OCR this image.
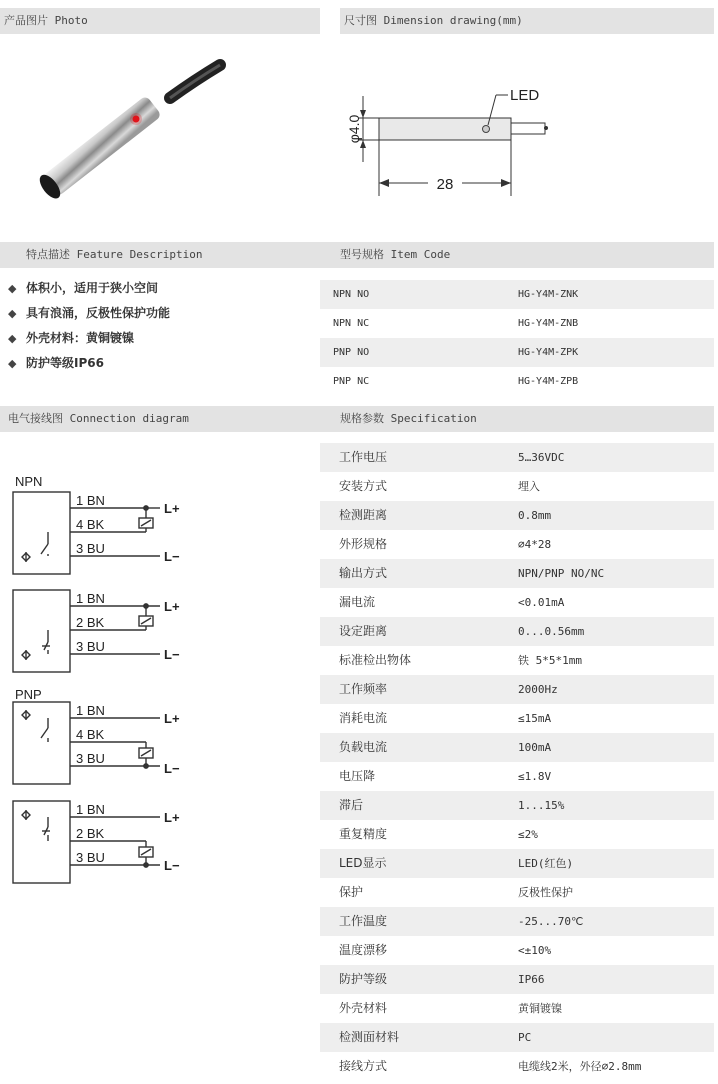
产品图片 Photo	尺寸图 Dimension drawing(mm)
LED
φ4.0
28
特点描述 Feature Description	型号规格 Item Code
◆ 体积小，适用于狭小空间
◆ 具有浪涌，反极性保护功能
◆ 外壳材料：黄铜镀镍
◆ 防护等级IP66
NPN NO	HG-Y4M-ZNK
NPN NC	HG-Y4M-ZNB
PNP NO	HG-Y4M-ZPK
PNP NC	HG-Y4M-ZPB
电气接线图 Connection diagram	规格参数 Specification
NPN
1 BN
4 BK
3 BU
L+
L−
1 BN
2 BK
3 BU
L+
L−
PNP
1 BN
4 BK
3 BU
L+
L−
1 BN
2 BK
3 BU
L+
L−
工作电压	5…36VDC
安装方式	埋入
检测距离	0.8mm
外形规格	∅4*28
输出方式	NPN/PNP NO/NC
漏电流	<0.01mA
设定距离	0...0.56mm
标准检出物体	铁 5*5*1mm
工作频率	2000Hz
消耗电流	≤15mA
负载电流	100mA
电压降	≤1.8V
滞后	1...15%
重复精度	≤2%
LED显示	LED(红色)
保护	反极性保护
工作温度	-25...70℃
温度漂移	<±10%
防护等级	IP66
外壳材料	黄铜镀镍
检测面材料	PC
接线方式	电缆线2米，外径∅2.8mm
